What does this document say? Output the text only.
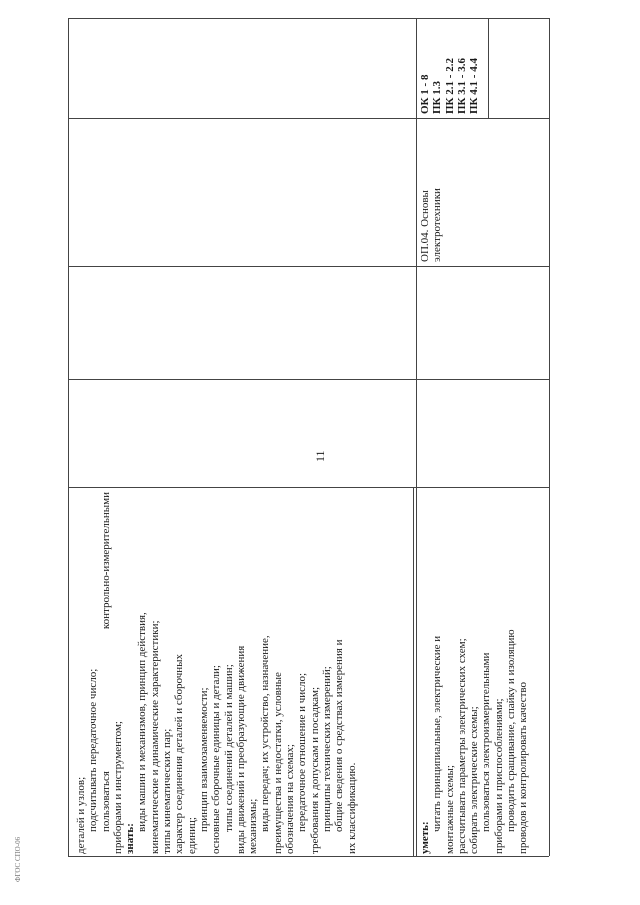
11
деталей и узлов; подсчитывать передаточное число; пользоваться
контрольно-измерительными
приборами и инструментом; знать:
виды машин и механизмов, принцип действия, кинематические и динамические характеристики; типы кинематических пар; характер соединения деталей и сборочных единиц;
принцип взаимозаменяемости; основные сборочные единицы и детали; типы соединений деталей и машин; виды движений и преобразующие движения механизмы; виды передач; их устройство, назначение, преимущества и недостатки, условные обозначения на схемах; передаточное отношение и число; требования к допускам и посадкам; принципы технических измерений; общие сведения о средствах измерения и их классификацию.	уметь:
читать принципиальные, электрические и монтажные схемы; рассчитывать параметры электрических схем; собирать электрические схемы; пользоваться электроизмерительными приборами и приспособлениями; проводить сращивание, спайку и изоляцию проводов и контролировать качество
ОП.04. Основы электротехники
ОК 1 - 8 ПК 1.3 ПК 2.1 - 2.2 ПК 3.1 - 3.6 ПК 4.1 - 4.4
ФГОС СПО-06
